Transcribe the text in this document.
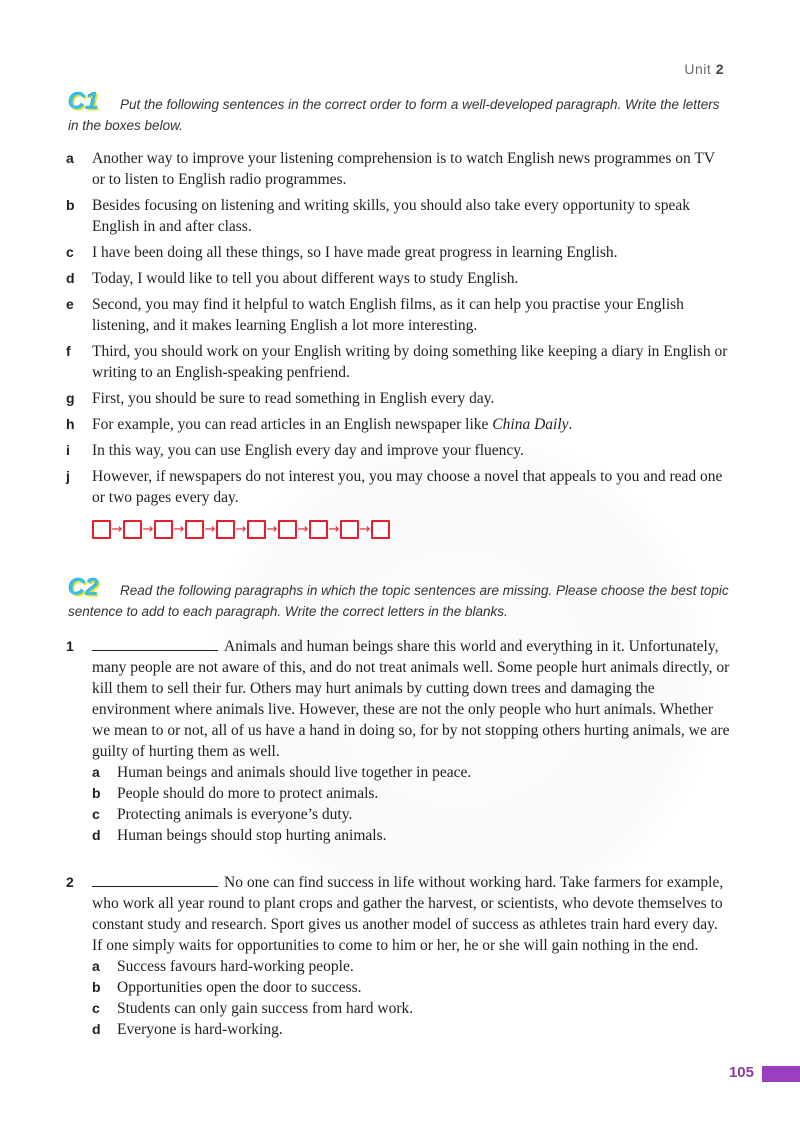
Unit 2
C1	Put the following sentences in the correct order to form a well-developed paragraph. Write the letters in the boxes below.
a	Another way to improve your listening comprehension is to watch English news programmes on TV or to listen to English radio programmes.
b	Besides focusing on listening and writing skills, you should also take every opportunity to speak English in and after class.
c	I have been doing all these things, so I have made great progress in learning English.
d	Today, I would like to tell you about different ways to study English.
e	Second, you may find it helpful to watch English films, as it can help you practise your English listening, and it makes learning English a lot more interesting.
f	Third, you should work on your English writing by doing something like keeping a diary in English or writing to an English-speaking penfriend.
g	First, you should be sure to read something in English every day.
h	For example, you can read articles in an English newspaper like China Daily.
i	In this way, you can use English every day and improve your fluency.
j	However, if newspapers do not interest you, you may choose a novel that appeals to you and read one or two pages every day.
→ → → → → → → → →
C2	Read the following paragraphs in which the topic sentences are missing. Please choose the best topic sentence to add to each paragraph. Write the correct letters in the blanks.
1	Animals and human beings share this world and everything in it. Unfortunately, many people are not aware of this, and do not treat animals well. Some people hurt animals directly, or kill them to sell their fur. Others may hurt animals by cutting down trees and damaging the environment where animals live. However, these are not the only people who hurt animals. Whether we mean to or not, all of us have a hand in doing so, for by not stopping others hurting animals, we are guilty of hurting them as well.
a	Human beings and animals should live together in peace.
b	People should do more to protect animals.
c	Protecting animals is everyone’s duty.
d	Human beings should stop hurting animals.
2	No one can find success in life without working hard. Take farmers for example, who work all year round to plant crops and gather the harvest, or scientists, who devote themselves to constant study and research. Sport gives us another model of success as athletes train hard every day. If one simply waits for opportunities to come to him or her, he or she will gain nothing in the end.
a	Success favours hard-working people.
b	Opportunities open the door to success.
c	Students can only gain success from hard work.
d	Everyone is hard-working.
105
